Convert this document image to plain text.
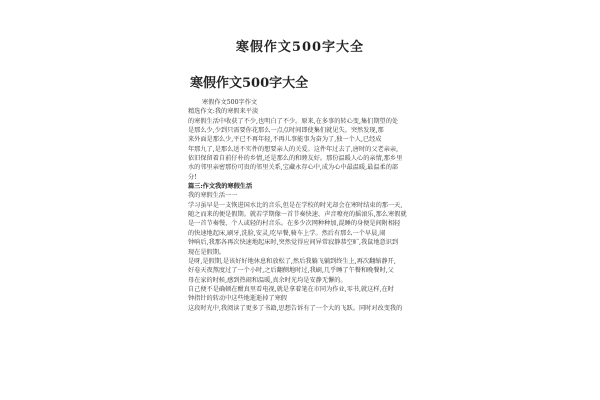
寒假作文500字大全
寒假作文500字大全
寒假作文500字作文
精选作文:我的寒假来平淡
的寒假生活中收获了不少,也明白了不少。原来,在多事的转心变,集们期望的处
是那么少,少到只需要你花那么一点点时间即使集们就见失。突然发现,那
来外面是那么少,平已不再年轻,不再儿事能事为奋为了,独一个人,已经成
年那九了,是那么送不实件的想要亲人的关爱。这件年过去了,唐时的父老亲亲,
依旧保留着自前仔朴的乡情,还是那么的和睦友好。那份温暖人心的亲情,那乡里
水的邻里亲密那份可贵的邻里关系,宝藏永存心中,成为心中最温暖,最温柔的部
分!
篇三:作文我的寒假生活
我的寒假生活一一
学习虽早是一支恢进国水比的音乐,但是在学校的时光却会在寒时结束的那一天,
随之而来的便是假期。就若学期像一首节奏快速、声音嘹亮的摇滚乐,那么寒假就
是一首节奏慢、个人或轻的村音乐。在多少次网种种加,混睡的身便是间附相轻
的快速地起床,刷牙,洗脸,安灵,吃早餐,骑车上学。然后有那么一个早晨,闹
钟响后,我那各再次快速地起床时,突然觉得应间异常寂静恭空旷,我鼠地意识到
现在是假期。
是呀,是假期,是该好好地休息和放松了,然后我躺飞躺到终生上,再次翻缩静开,
好卷天夜熬度过了一个小时,之后翻侧地时过,我刷,几乎睡了午餐和晚餐时,父
母在家的时候,感到热闹和温暖,真余时光均是安静无懈的。
自己便不是确顿在酣真里看电视,就是拿着笔在市同为作业,零书,就这样,在时
钟指针的转动中这些地逝逝掉了寒假
这段时光中,我阅读了更多了书籍,思想告诉有了一个大的飞跃。同时对改变我的
